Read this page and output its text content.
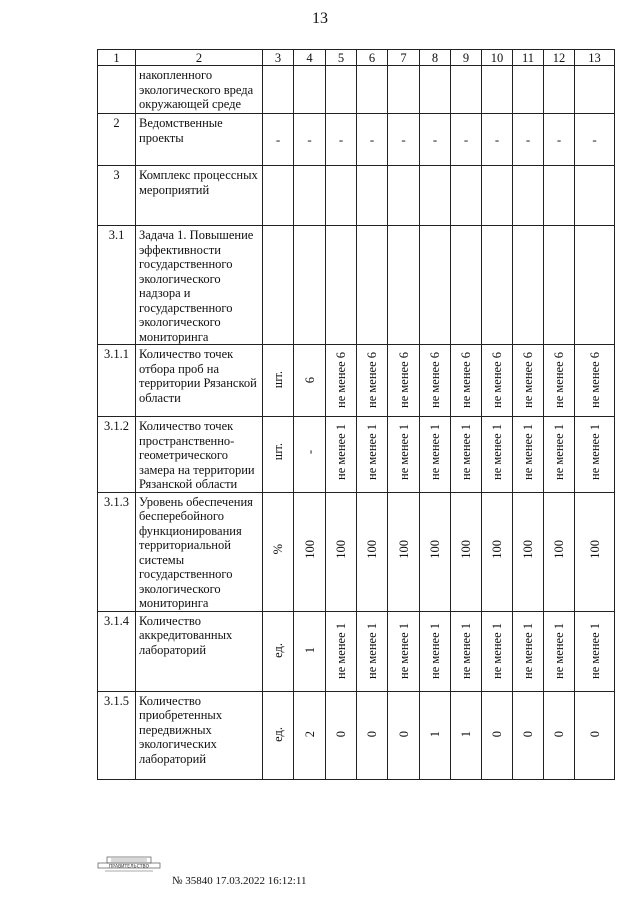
13
1	2	3	4	5	6	7	8	9	10	11	12	13
	накопленного экологического вреда окружающей среде	

2	Ведомственные проекты	-	-	-	-	-	-	-	-	-	-	-
3	Комплекс процессных мероприятий	

3.1	Задача 1. Повышение эффективности государственного экологического надзора и государственного экологического мониторинга	

3.1.1	Количество точек отбора проб на территории Рязанской области	шт.	6	не менее 6	не менее 6	не менее 6	не менее 6	не менее 6	не менее 6	не менее 6	не менее 6	не менее 6

3.1.2	Количество точек пространственно-геометрического замера на территории Рязанской области	шт.	-	не менее 1	не менее 1	не менее 1	не менее 1	не менее 1	не менее 1	не менее 1	не менее 1	не менее 1

3.1.3	Уровень обеспечения бесперебойного функционирования территориальной системы государственного экологического мониторинга	%	100	100	100	100	100	100	100	100	100	100

3.1.4	Количество аккредитованных лабораторий	ед.	1	не менее 1	не менее 1	не менее 1	не менее 1	не менее 1	не менее 1	не менее 1	не менее 1	не менее 1

3.1.5	Количество приобретенных передвижных экологических лабораторий	ед.	2	0	0	0	1	1	0	0	0	0
ПРАВИТЕЛЬСТВО
№ 35840 17.03.2022 16:12:11
